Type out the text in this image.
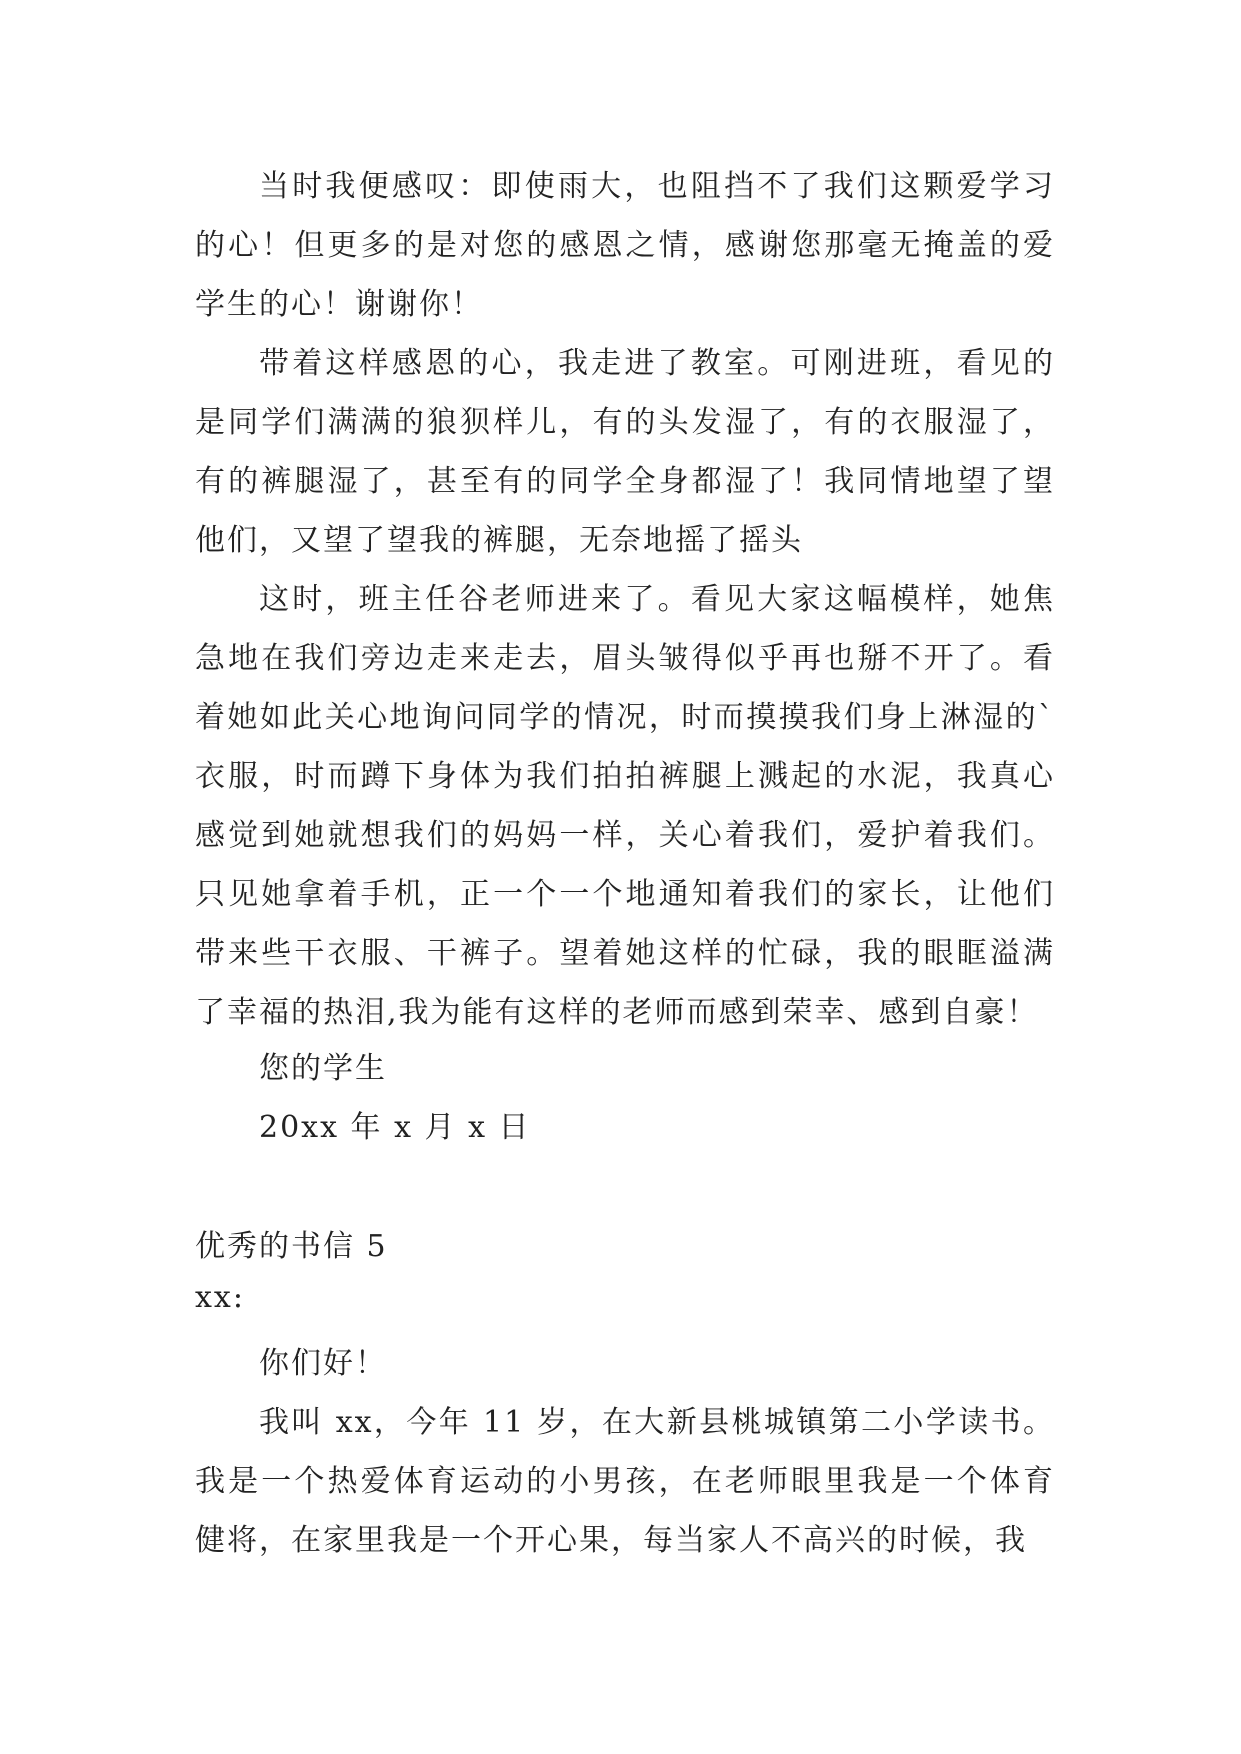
当时我便感叹：即使雨大，也阻挡不了我们这颗爱学习的心！但更多的是对您的感恩之情，感谢您那毫无掩盖的爱学生的心！谢谢你！

带着这样感恩的心，我走进了教室。可刚进班，看见的是同学们满满的狼狈样儿，有的头发湿了，有的衣服湿了，有的裤腿湿了，甚至有的同学全身都湿了！我同情地望了望他们，又望了望我的裤腿，无奈地摇了摇头

这时，班主任谷老师进来了。看见大家这幅模样，她焦急地在我们旁边走来走去，眉头皱得似乎再也掰不开了。看着她如此关心地询问同学的情况，时而摸摸我们身上淋湿的`衣服，时而蹲下身体为我们拍拍裤腿上溅起的水泥，我真心感觉到她就想我们的妈妈一样，关心着我们，爱护着我们。只见她拿着手机，正一个一个地通知着我们的家长，让他们带来些干衣服、干裤子。望着她这样的忙碌，我的眼眶溢满了幸福的热泪,我为能有这样的老师而感到荣幸、感到自豪！

您的学生

20xx 年 x 月 x 日

优秀的书信 5

xx:

你们好！

我叫 xx，今年 11 岁，在大新县桃城镇第二小学读书。我是一个热爱体育运动的小男孩，在老师眼里我是一个体育健将，在家里我是一个开心果，每当家人不高兴的时候，我
